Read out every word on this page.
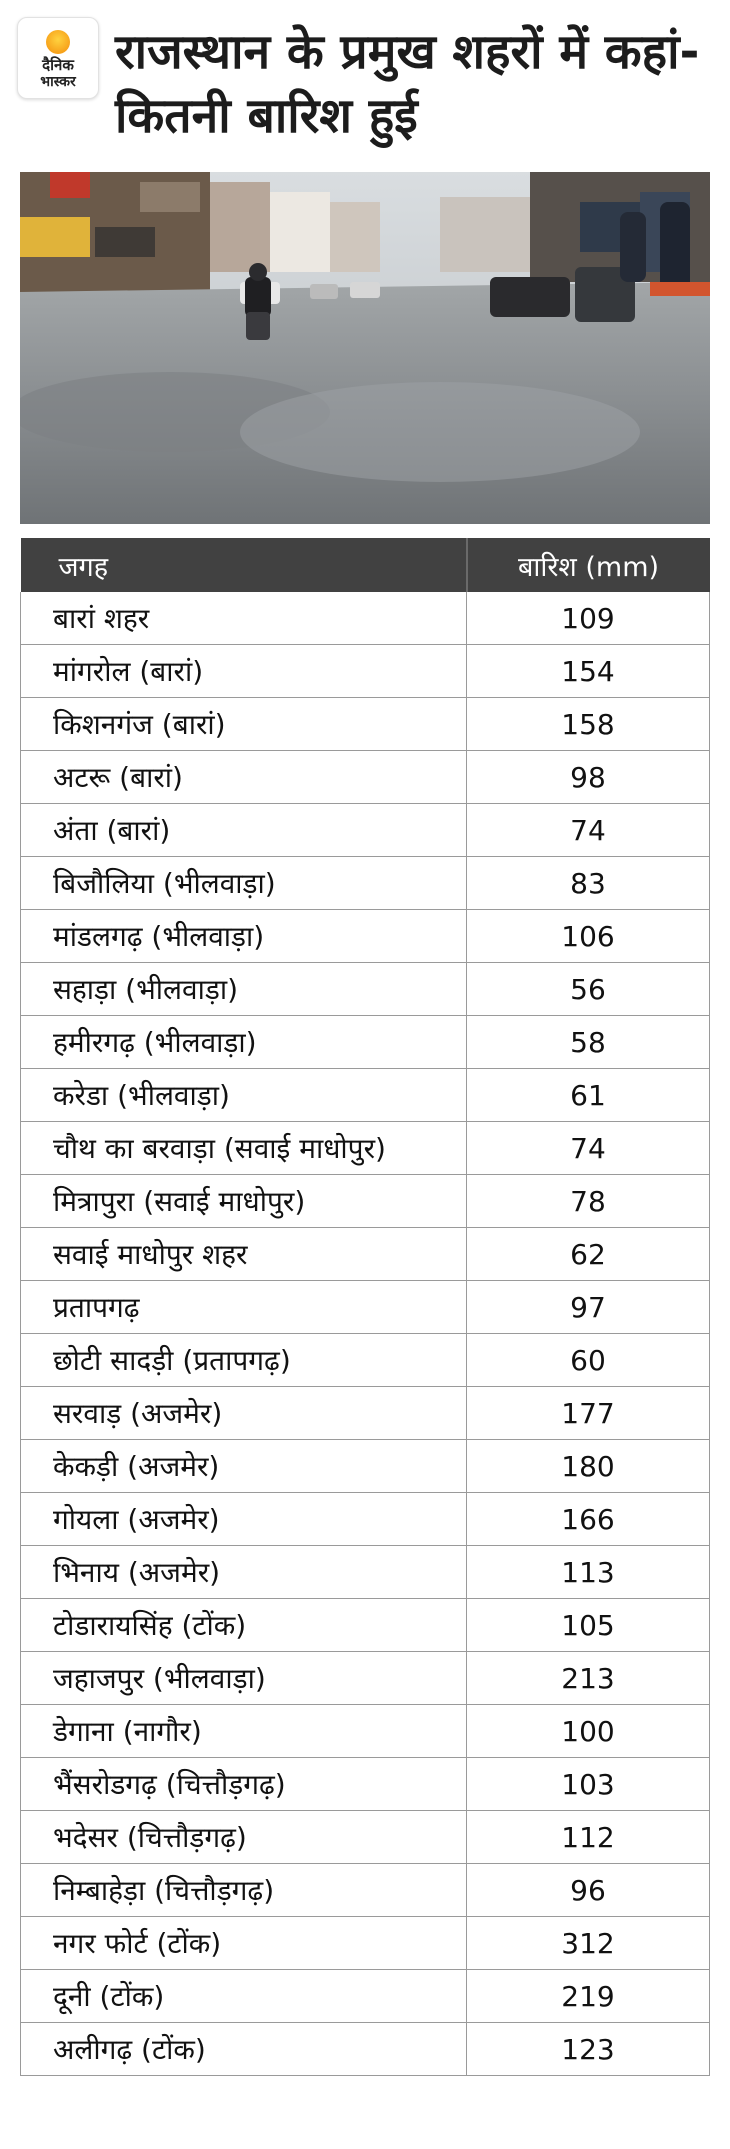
दैनिक
भास्कर
राजस्थान के प्रमुख शहरों में कहां-कितनी बारिश हुई
जगह	बारिश (mm)
बारां शहर	109
मांगरोल (बारां)	154
किशनगंज (बारां)	158
अटरू (बारां)	98
अंता (बारां)	74
बिजौलिया (भीलवाड़ा)	83
मांडलगढ़ (भीलवाड़ा)	106
सहाड़ा (भीलवाड़ा)	56
हमीरगढ़ (भीलवाड़ा)	58
करेडा (भीलवाड़ा)	61
चौथ का बरवाड़ा (सवाई माधोपुर)	74
मित्रापुरा (सवाई माधोपुर)	78
सवाई माधोपुर शहर	62
प्रतापगढ़	97
छोटी सादड़ी (प्रतापगढ़)	60
सरवाड़ (अजमेर)	177
केकड़ी (अजमेर)	180
गोयला (अजमेर)	166
भिनाय (अजमेर)	113
टोडारायसिंह (टोंक)	105
जहाजपुर (भीलवाड़ा)	213
डेगाना (नागौर)	100
भैंसरोडगढ़ (चित्तौड़गढ़)	103
भदेसर (चित्तौड़गढ़)	112
निम्बाहेड़ा (चित्तौड़गढ़)	96
नगर फोर्ट (टोंक)	312
दूनी (टोंक)	219
अलीगढ़ (टोंक)	123
